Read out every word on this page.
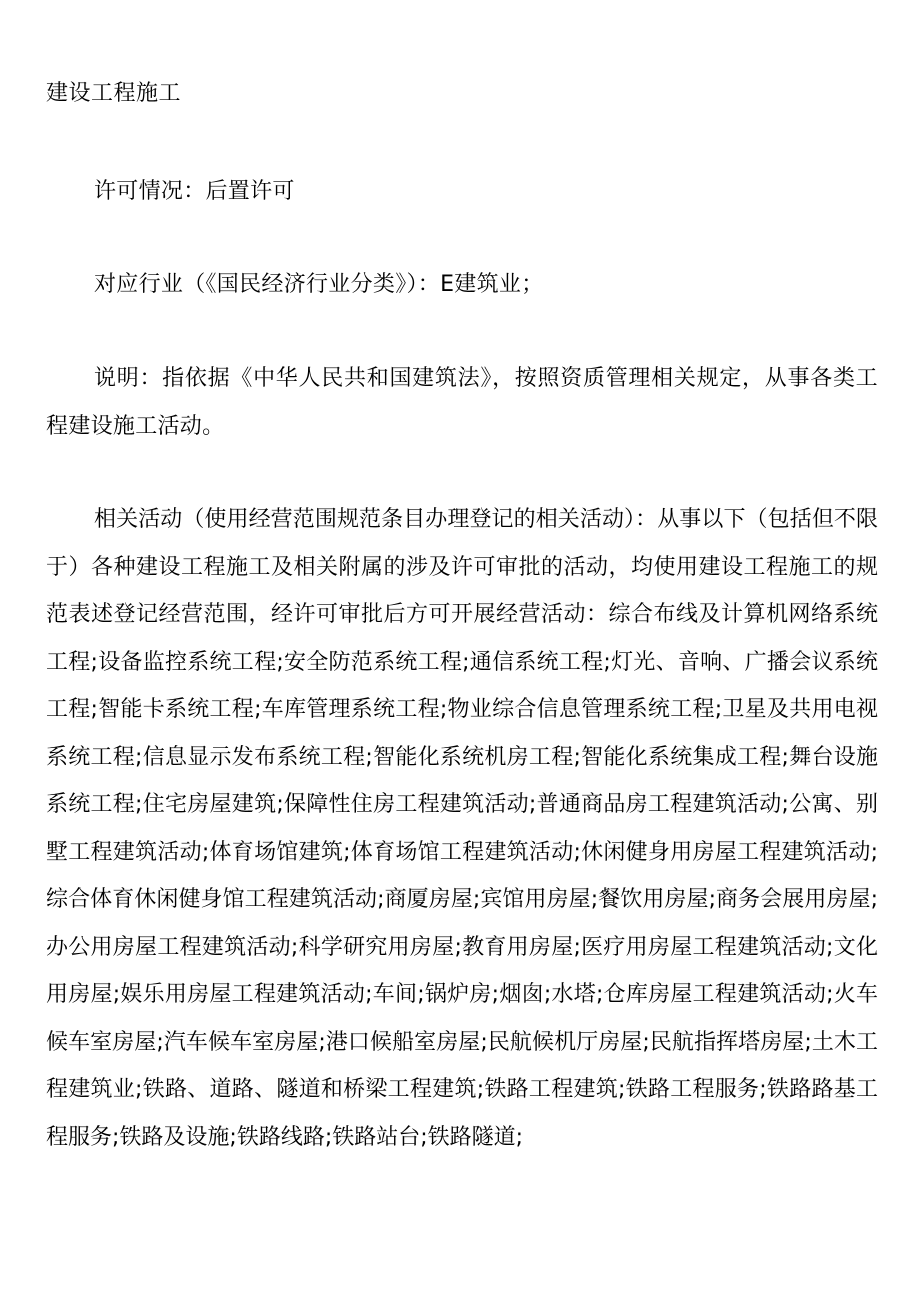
建设工程施工

许可情况：后置许可

对应行业（《国民经济行业分类》）：E建筑业；

说明：指依据《中华人民共和国建筑法》，按照资质管理相关规定，从事各类工程建设施工活动。

相关活动（使用经营范围规范条目办理登记的相关活动）：从事以下（包括但不限于）各种建设工程施工及相关附属的涉及许可审批的活动，均使用建设工程施工的规范表述登记经营范围，经许可审批后方可开展经营活动：综合布线及计算机网络系统工程;设备监控系统工程;安全防范系统工程;通信系统工程;灯光、音响、广播会议系统工程;智能卡系统工程;车库管理系统工程;物业综合信息管理系统工程;卫星及共用电视系统工程;信息显示发布系统工程;智能化系统机房工程;智能化系统集成工程;舞台设施系统工程;住宅房屋建筑;保障性住房工程建筑活动;普通商品房工程建筑活动;公寓、别墅工程建筑活动;体育场馆建筑;体育场馆工程建筑活动;休闲健身用房屋工程建筑活动;综合体育休闲健身馆工程建筑活动;商厦房屋;宾馆用房屋;餐饮用房屋;商务会展用房屋;办公用房屋工程建筑活动;科学研究用房屋;教育用房屋;医疗用房屋工程建筑活动;文化用房屋;娱乐用房屋工程建筑活动;车间;锅炉房;烟囱;水塔;仓库房屋工程建筑活动;火车候车室房屋;汽车候车室房屋;港口候船室房屋;民航候机厅房屋;民航指挥塔房屋;土木工程建筑业;铁路、道路、隧道和桥梁工程建筑;铁路工程建筑;铁路工程服务;铁路路基工程服务;铁路及设施;铁路线路;铁路站台;铁路隧道;
